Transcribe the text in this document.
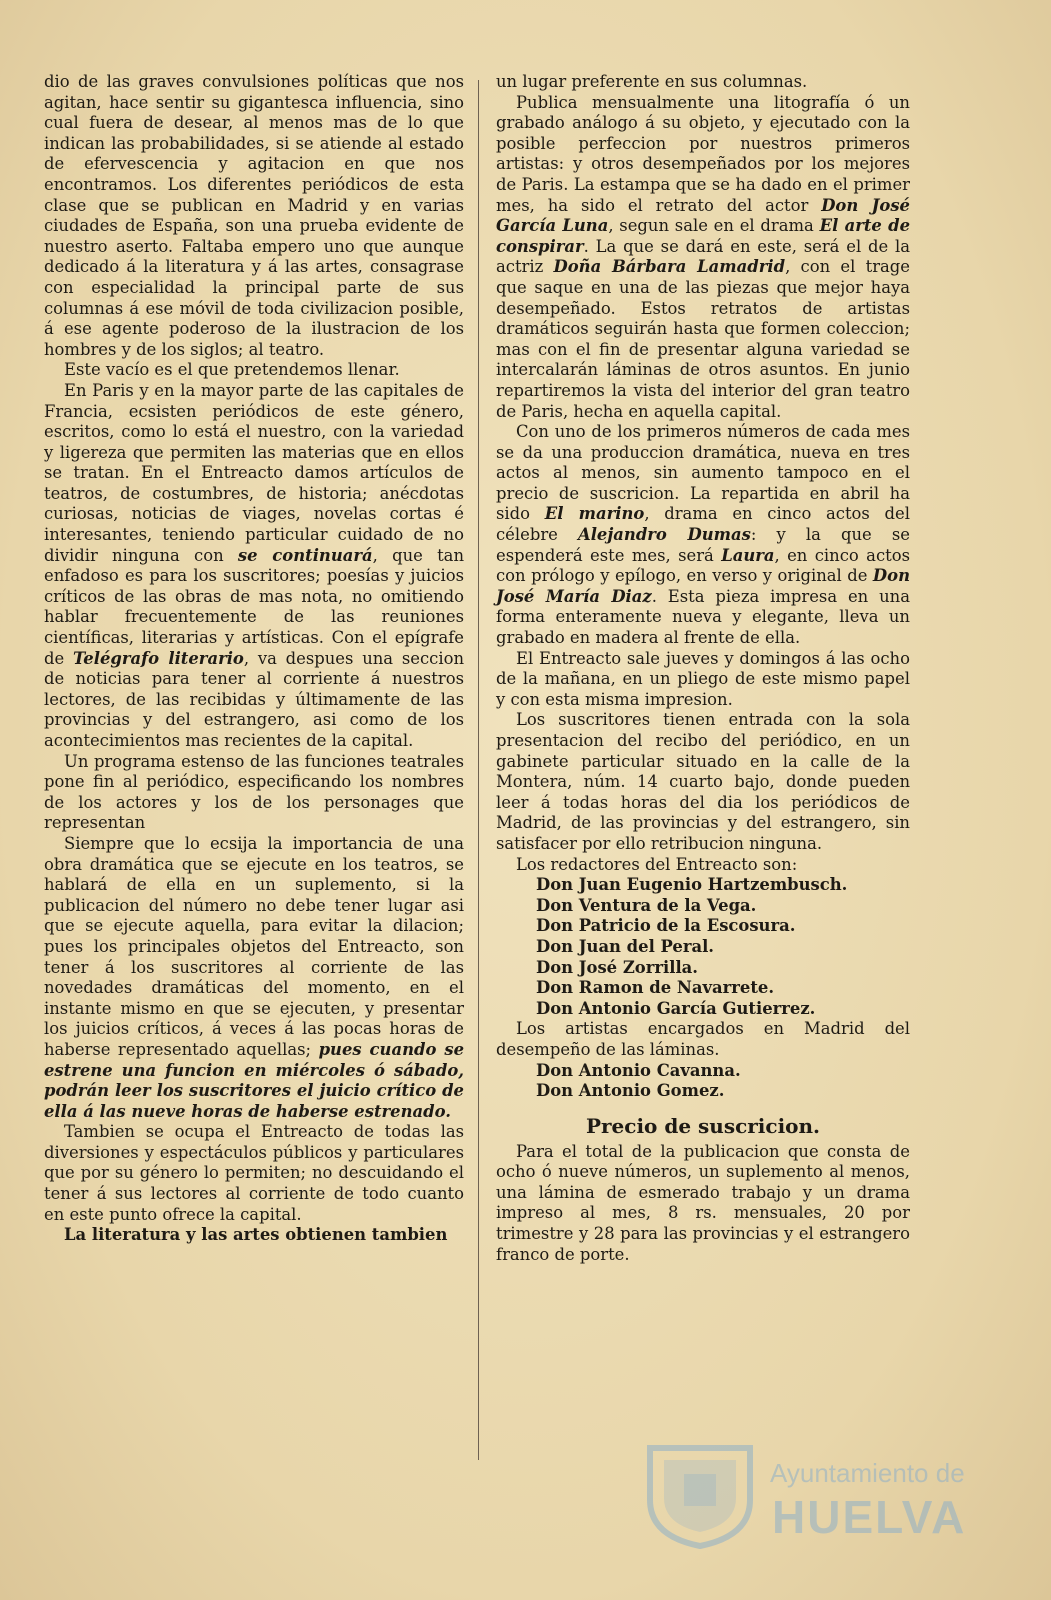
dio de las graves convulsiones políticas que nos agitan, hace sentir su gigantesca influencia, sino cual fuera de desear, al menos mas de lo que indican las probabilidades, si se atiende al estado de efervescencia y agitacion en que nos encontramos. Los diferentes periódicos de esta clase que se publican en Madrid y en varias ciudades de España, son una prueba evidente de nuestro aserto. Faltaba empero uno que aunque dedicado á la literatura y á las artes, consagrase con especialidad la principal parte de sus columnas á ese móvil de toda civilizacion posible, á ese agente poderoso de la ilustracion de los hombres y de los siglos; al teatro.

Este vacío es el que pretendemos llenar.

En Paris y en la mayor parte de las capitales de Francia, ecsisten periódicos de este género, escritos, como lo está el nuestro, con la variedad y ligereza que permiten las materias que en ellos se tratan. En el Entreacto damos artículos de teatros, de costumbres, de historia; anécdotas curiosas, noticias de viages, novelas cortas é interesantes, teniendo particular cuidado de no dividir ninguna con se continuará, que tan enfadoso es para los suscritores; poesías y juicios críticos de las obras de mas nota, no omitiendo hablar frecuentemente de las reuniones científicas, literarias y artísticas. Con el epígrafe de Telégrafo literario, va despues una seccion de noticias para tener al corriente á nuestros lectores, de las recibidas y últimamente de las provincias y del estrangero, asi como de los acontecimientos mas recientes de la capital.

Un programa estenso de las funciones teatrales pone fin al periódico, especificando los nombres de los actores y los de los personages que representan

Siempre que lo ecsija la importancia de una obra dramática que se ejecute en los teatros, se hablará de ella en un suplemento, si la publicacion del número no debe tener lugar asi que se ejecute aquella, para evitar la dilacion; pues los principales objetos del Entreacto, son tener á los suscritores al corriente de las novedades dramáticas del momento, en el instante mismo en que se ejecuten, y presentar los juicios críticos, á veces á las pocas horas de haberse representado aquellas; pues cuando se estrene una funcion en miércoles ó sábado, podrán leer los suscritores el juicio crítico de ella á las nueve horas de haberse estrenado.

Tambien se ocupa el Entreacto de todas las diversiones y espectáculos públicos y particulares que por su género lo permiten; no descuidando el tener á sus lectores al corriente de todo cuanto en este punto ofrece la capital.

La literatura y las artes obtienen tambien

un lugar preferente en sus columnas.

Publica mensualmente una litografía ó un grabado análogo á su objeto, y ejecutado con la posible perfeccion por nuestros primeros artistas: y otros desempeñados por los mejores de Paris. La estampa que se ha dado en el primer mes, ha sido el retrato del actor Don José García Luna, segun sale en el drama El arte de conspirar. La que se dará en este, será el de la actriz Doña Bárbara Lamadrid, con el trage que saque en una de las piezas que mejor haya desempeñado. Estos retratos de artistas dramáticos seguirán hasta que formen coleccion; mas con el fin de presentar alguna variedad se intercalarán láminas de otros asuntos. En junio repartiremos la vista del interior del gran teatro de Paris, hecha en aquella capital.

Con uno de los primeros números de cada mes se da una produccion dramática, nueva en tres actos al menos, sin aumento tampoco en el precio de suscricion. La repartida en abril ha sido El marino, drama en cinco actos del célebre Alejandro Dumas: y la que se espenderá este mes, será Laura, en cinco actos con prólogo y epílogo, en verso y original de Don José María Diaz. Esta pieza impresa en una forma enteramente nueva y elegante, lleva un grabado en madera al frente de ella.

El Entreacto sale jueves y domingos á las ocho de la mañana, en un pliego de este mismo papel y con esta misma impresion.

Los suscritores tienen entrada con la sola presentacion del recibo del periódico, en un gabinete particular situado en la calle de la Montera, núm. 14 cuarto bajo, donde pueden leer á todas horas del dia los periódicos de Madrid, de las provincias y del estrangero, sin satisfacer por ello retribucion ninguna.

Los redactores del Entreacto son:

Don Juan Eugenio Hartzembusch.
Don Ventura de la Vega.
Don Patricio de la Escosura.
Don Juan del Peral.
Don José Zorrilla.
Don Ramon de Navarrete.
Don Antonio García Gutierrez.

Los artistas encargados en Madrid del desempeño de las láminas.

Don Antonio Cavanna.
Don Antonio Gomez.
Precio de suscricion.

Para el total de la publicacion que consta de ocho ó nueve números, un suplemento al menos, una lámina de esmerado trabajo y un drama impreso al mes, 8 rs. mensuales, 20 por trimestre y 28 para las provincias y el estrangero franco de porte.

Ayuntamiento de
HUELVA
